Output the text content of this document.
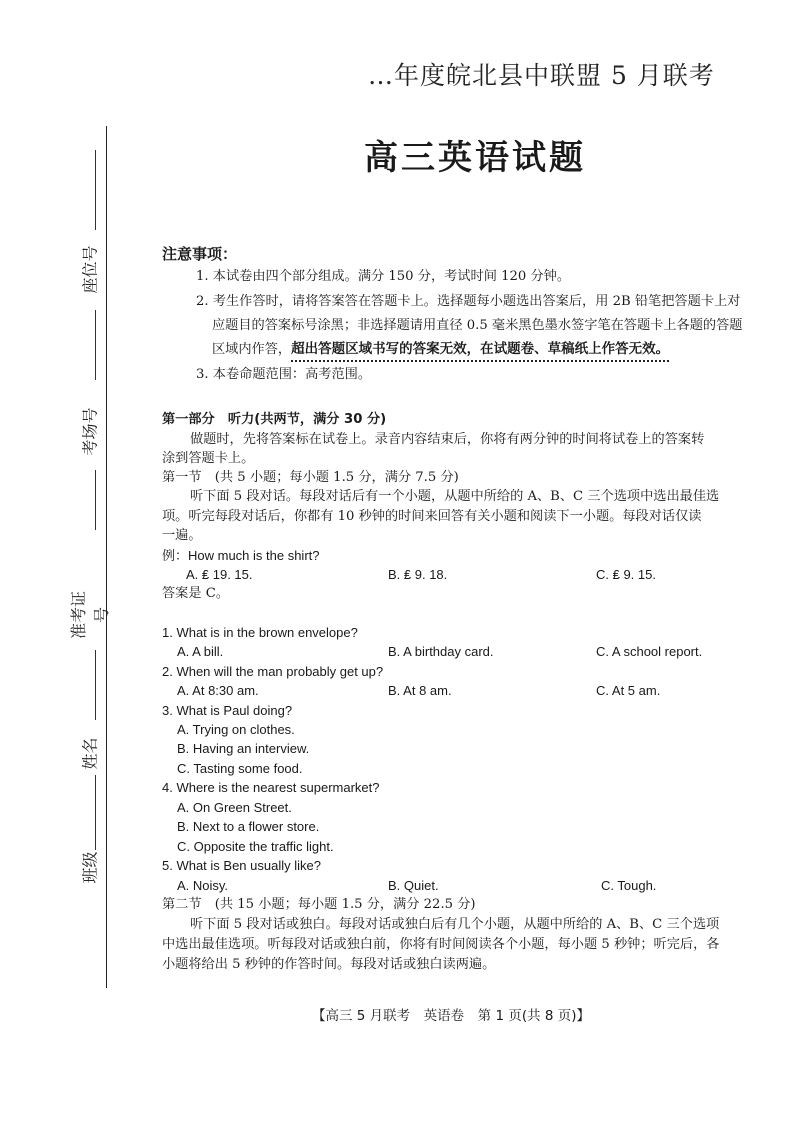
…年度皖北县中联盟 5 月联考
高三英语试题
座位号
考场号
准考证号
姓名
班级
注意事项：
1. 本试卷由四个部分组成。满分 150 分，考试时间 120 分钟。
2. 考生作答时，请将答案答在答题卡上。选择题每小题选出答案后，用 2B 铅笔把答题卡上对
应题目的答案标号涂黑；非选择题请用直径 0.5 毫米黑色墨水签字笔在答题卡上各题的答题
区域内作答，超出答题区域书写的答案无效，在试题卷、草稿纸上作答无效。
3. 本卷命题范围：高考范围。
第一部分　听力(共两节，满分 30 分)
做题时，先将答案标在试卷上。录音内容结束后，你将有两分钟的时间将试卷上的答案转
涂到答题卡上。
第一节　(共 5 小题；每小题 1.5 分，满分 7.5 分)
听下面 5 段对话。每段对话后有一个小题，从题中所给的 A、B、C 三个选项中选出最佳选
项。听完每段对话后，你都有 10 秒钟的时间来回答有关小题和阅读下一小题。每段对话仅读
一遍。
例：How much is the shirt?
A. ₤ 19. 15.	B. ₤ 9. 18.	C. ₤ 9. 15.
答案是 C。
1. What is in the brown envelope?
A. A bill.	B. A birthday card.	C. A school report.
2. When will the man probably get up?
A. At 8:30 am.	B. At 8 am.	C. At 5 am.
3. What is Paul doing?
A. Trying on clothes.
B. Having an interview.
C. Tasting some food.
4. Where is the nearest supermarket?
A. On Green Street.
B. Next to a flower store.
C. Opposite the traffic light.
5. What is Ben usually like?
A. Noisy.	B. Quiet.	C. Tough.
第二节　(共 15 小题；每小题 1.5 分，满分 22.5 分)
听下面 5 段对话或独白。每段对话或独白后有几个小题，从题中所给的 A、B、C 三个选项
中选出最佳选项。听每段对话或独白前，你将有时间阅读各个小题，每小题 5 秒钟；听完后，各
小题将给出 5 秒钟的作答时间。每段对话或独白读两遍。
【高三 5 月联考　英语卷　第 1 页(共 8 页)】
